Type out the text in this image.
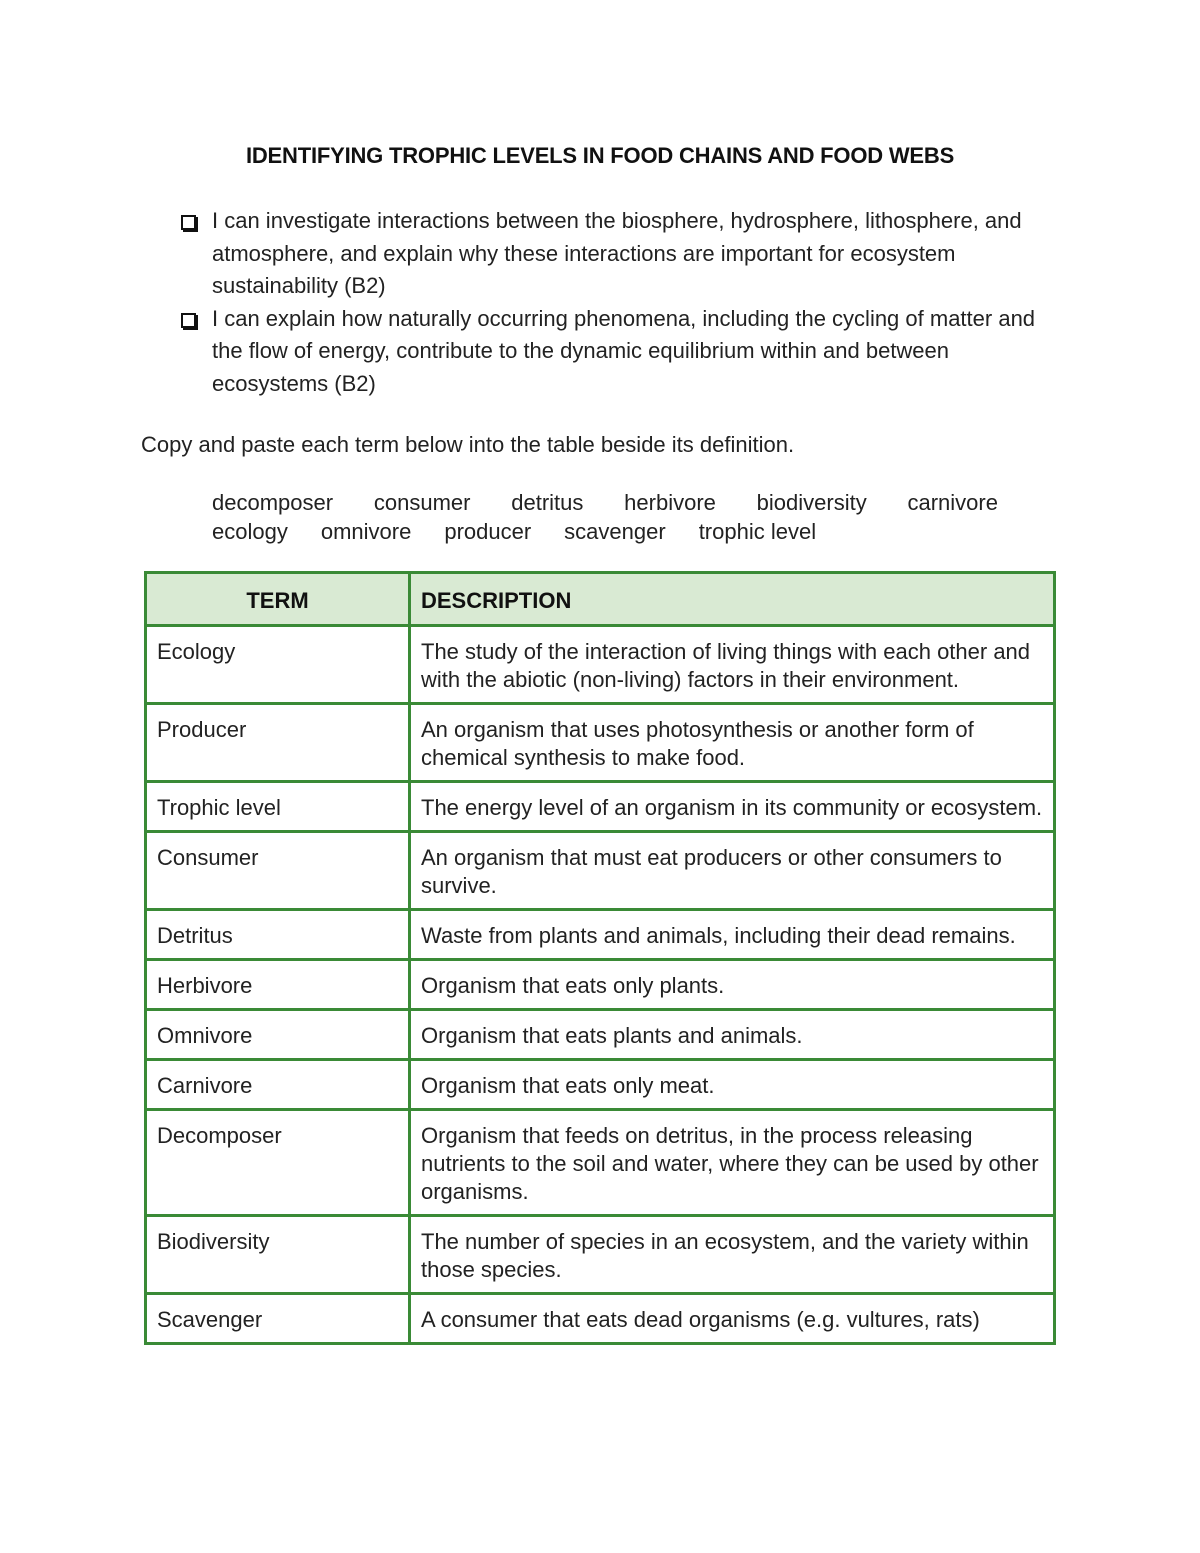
IDENTIFYING TROPHIC LEVELS IN FOOD CHAINS AND FOOD WEBS
I can investigate interactions between the biosphere, hydrosphere, lithosphere, and atmosphere, and explain why these interactions are important for ecosystem sustainability (B2)
I can explain how naturally occurring phenomena, including the cycling of matter and the flow of energy, contribute to the dynamic equilibrium within and between ecosystems (B2)
Copy and paste each term below into the table beside its definition.
decomposer consumer detritus herbivore biodiversity carnivore
ecology omnivore producer scavenger trophic level
TERM	DESCRIPTION
Ecology	The study of the interaction of living things with each other and with the abiotic (non-living) factors in their environment.
Producer	An organism that uses photosynthesis or another form of chemical synthesis to make food.
Trophic level	The energy level of an organism in its community or ecosystem.
Consumer	An organism that must eat producers or other consumers to survive.
Detritus	Waste from plants and animals, including their dead remains.
Herbivore	Organism that eats only plants.
Omnivore	Organism that eats plants and animals.
Carnivore	Organism that eats only meat.
Decomposer	Organism that feeds on detritus, in the process releasing nutrients to the soil and water, where they can be used by other organisms.
Biodiversity	The number of species in an ecosystem, and the variety within those species.
Scavenger	A consumer that eats dead organisms (e.g. vultures, rats)
